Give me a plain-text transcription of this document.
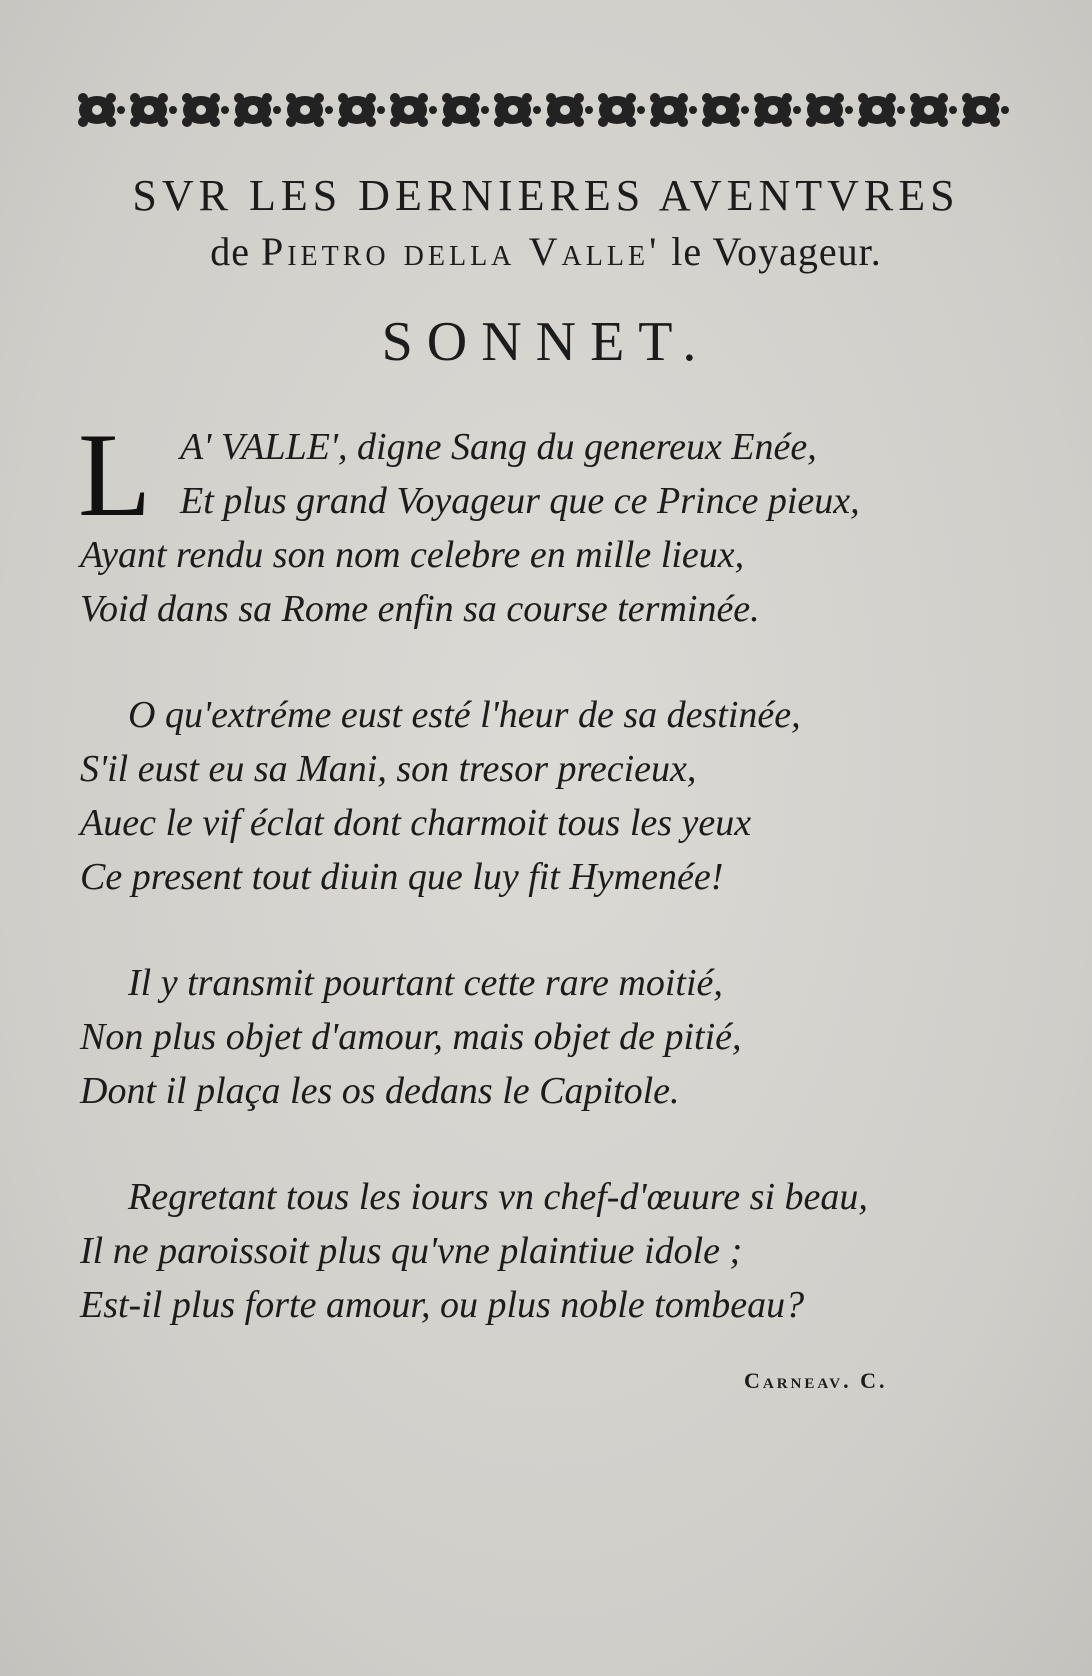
SVR LES DERNIERES AVENTVRES
de Pietro della Valle' le Voyageur.
SONNET.
L A' VALLE', digne Sang du genereux Enée,
Et plus grand Voyageur que ce Prince pieux,
Ayant rendu son nom celebre en mille lieux,
Void dans sa Rome enfin sa course terminée.
O qu'extréme eust esté l'heur de sa destinée,
S'il eust eu sa Mani, son tresor precieux,
Auec le vif éclat dont charmoit tous les yeux
Ce present tout diuin que luy fit Hymenée!
Il y transmit pourtant cette rare moitié,
Non plus objet d'amour, mais objet de pitié,
Dont il plaça les os dedans le Capitole.
Regretant tous les iours vn chef-d'œuure si beau,
Il ne paroissoit plus qu'vne plaintiue idole ;
Est-il plus forte amour, ou plus noble tombeau?
Carneav. C.
